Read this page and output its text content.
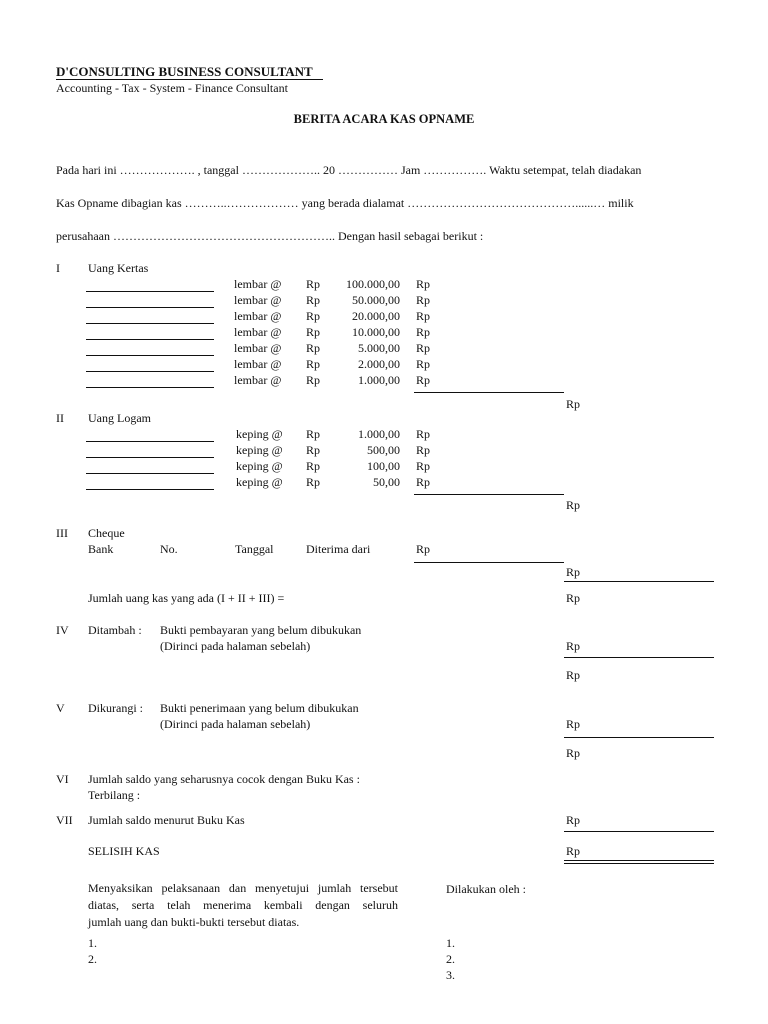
D'CONSULTING BUSINESS CONSULTANT
Accounting - Tax - System - Finance Consultant
BERITA ACARA KAS OPNAME
Pada hari ini ………………. , tanggal ……………….. 20 …………… Jam ……………. Waktu setempat, telah diadakan
Kas Opname dibagian kas ………..……………… yang berada dialamat ……………………………………......… milik
perusahaan ……………………………………………….. Dengan hasil sebagai berikut :
I Uang Kertas
lembar @ Rp	100.000,00 Rp
lembar @ Rp	50.000,00 Rp
lembar @ Rp	20.000,00 Rp
lembar @ Rp	10.000,00 Rp
lembar @ Rp	5.000,00 Rp
lembar @ Rp	2.000,00 Rp
lembar @ Rp	1.000,00 Rp
Rp
II Uang Logam
keping @ Rp	1.000,00 Rp
keping @ Rp	500,00 Rp
keping @ Rp	100,00 Rp
keping @ Rp	50,00 Rp
Rp
III Cheque
Bank	No.	Tanggal	Diterima dari	Rp
Rp
Jumlah uang kas yang ada (I + II + III) =	Rp
IV Ditambah : Bukti pembayaran yang belum dibukukan
(Dirinci pada halaman sebelah)	Rp
Rp
V Dikurangi : Bukti penerimaan yang belum dibukukan
(Dirinci pada halaman sebelah)	Rp
Rp
VI Jumlah saldo yang seharusnya cocok dengan Buku Kas :
Terbilang :
VII Jumlah saldo menurut Buku Kas	Rp
SELISIH KAS	Rp
Menyaksikan pelaksanaan dan menyetujui jumlah tersebut
diatas, serta telah menerima kembali dengan seluruh
jumlah uang dan bukti-bukti tersebut diatas.
1.
2.
Dilakukan oleh :
1.
2.
3.
